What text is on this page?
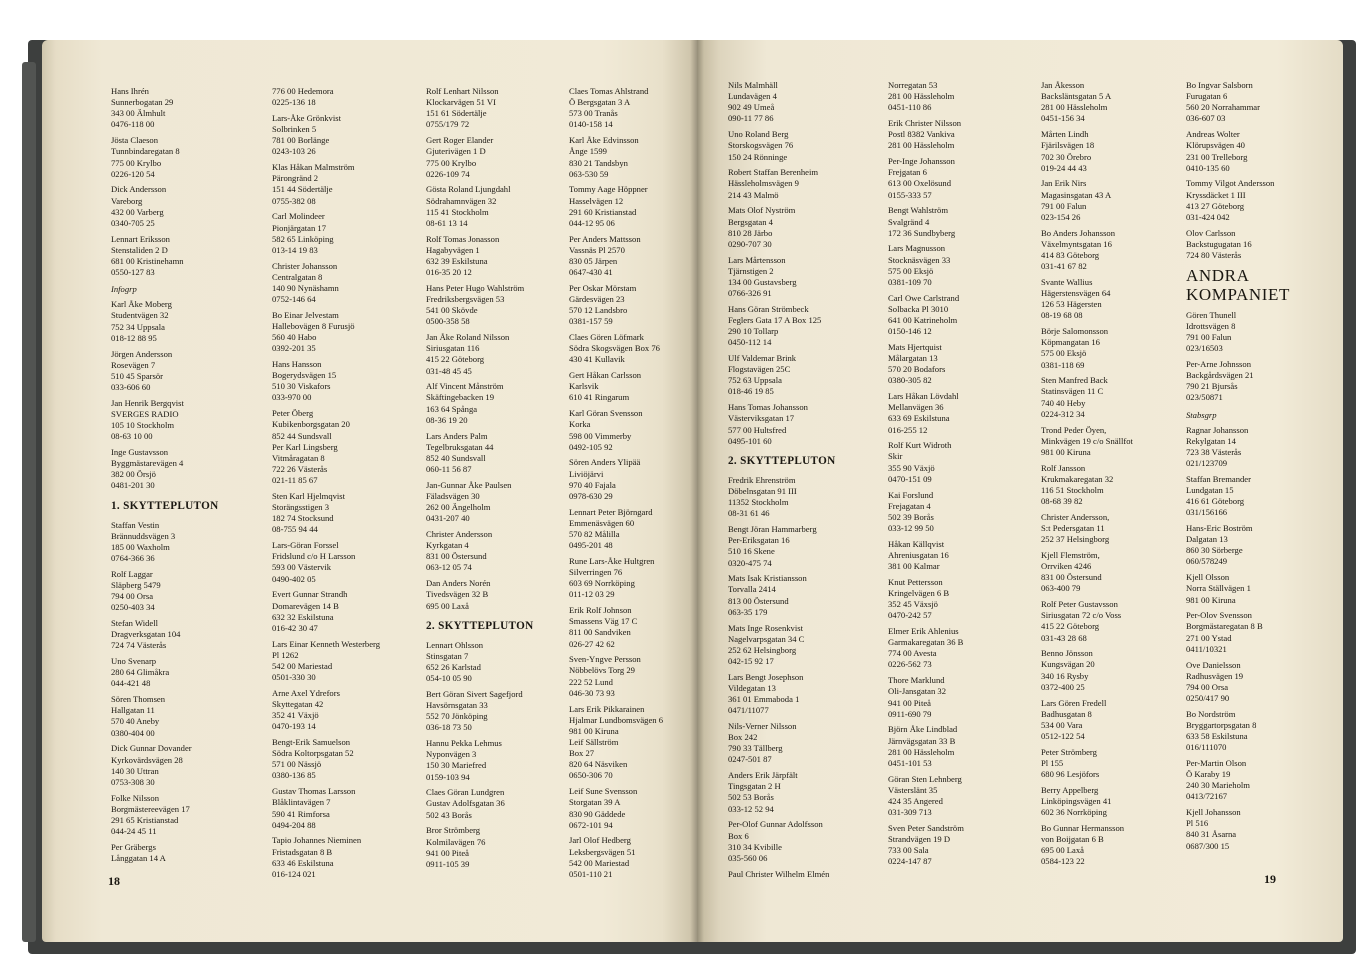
Hans Ihrén
Sunnerbogatan 29
343 00 Älmhult
0476-118 00
Jösta Claeson
Tunnbindaregatan 8
775 00 Krylbo
0226-120 54
Dick Andersson
Vareborg
432 00 Varberg
0340-705 25
Lennart Eriksson
Stenstaliden 2 D
681 00 Kristinehamn
0550-127 83
Infogrp
Karl Åke Moberg
Studentvägen 32
752 34 Uppsala
018-12 88 95
Jörgen Andersson
Rosevägen 7
510 45 Sparsör
033-606 60
Jan Henrik Bergqvist
SVERGES RADIO
105 10 Stockholm
08-63 10 00
Inge Gustavsson
Byggmästarevägen 4
382 00 Örsjö
0481-201 30
1. SKYTTEPLUTON
Staffan Vestin
Brännuddsvägen 3
185 00 Waxholm
0764-366 36
Rolf Laggar
Släpberg 5479
794 00 Orsa
0250-403 34
Stefan Widell
Dragverksgatan 104
724 74 Västerås
Uno Svenarp
280 64 Glimåkra
044-421 48
Sören Thomsen
Hallgatan 11
570 40 Aneby
0380-404 00
Dick Gunnar Dovander
Kyrkovärdsvägen 28
140 30 Uttran
0753-308 30
Folke Nilsson
Borgmästereevägen 17
291 65 Kristianstad
044-24 45 11
Per Gräbergs
Långgatan 14 A
776 00 Hedemora
0225-136 18
Lars-Åke Grönkvist
Solbrinken 5
781 00 Borlänge
0243-103 26
Klas Håkan Malmström
Pärongränd 2
151 44 Södertälje
0755-382 08
Carl Molindeer
Pionjärgatan 17
582 65 Linköping
013-14 19 83
Christer Johansson
Centralgatan 8
140 90 Nynäshamn
0752-146 64
Bo Einar Jelvestam
Hallebovägen 8 Furusjö
560 40 Habo
0392-201 35
Hans Hansson
Bogerydsvägen 15
510 30 Viskafors
033-970 00
Peter Öberg
Kubikenborgsgatan 20
852 44 Sundsvall
Per Karl Lingsberg
Vitmåragatan 8
722 26 Västerås
021-11 85 67
Sten Karl Hjelmqvist
Storängsstigen 3
182 74 Stocksund
08-755 94 44
Lars-Göran Forssel
Fridslund c/o H Larsson
593 00 Västervik
0490-402 05
Evert Gunnar Strandh
Domarevägen 14 B
632 32 Eskilstuna
016-42 30 47
Lars Einar Kenneth Westerberg
Pl 1262
542 00 Mariestad
0501-330 30
Arne Axel Ydrefors
Skyttegatan 42
352 41 Växjö
0470-193 14
Bengt-Erik Samuelson
Södra Koltorpsgatan 52
571 00 Nässjö
0380-136 85
Gustav Thomas Larsson
Blåklintavägen 7
590 41 Rimforsa
0494-204 88
Tapio Johannes Nieminen
Fristadsgatan 8 B
633 46 Eskilstuna
016-124 021
Rolf Lenhart Nilsson
Klockarvägen 51 VI
151 61 Södertälje
0755/179 72
Gert Roger Elander
Gjuterivägen 1 D
775 00 Krylbo
0226-109 74
Gösta Roland Ljungdahl
Södrahamnvägen 32
115 41 Stockholm
08-61 13 14
Rolf Tomas Jonasson
Hagabyvägen 1
632 39 Eskilstuna
016-35 20 12
Hans Peter Hugo Wahlström
Fredriksbergsvägen 53
541 00 Skövde
0500-358 58
Jan Åke Roland Nilsson
Siriusgatan 116
415 22 Göteborg
031-48 45 45
Alf Vincent Månström
Skäftingebacken 19
163 64 Spånga
08-36 19 20
Lars Anders Palm
Tegelbruksgatan 44
852 40 Sundsvall
060-11 56 87
Jan-Gunnar Åke Paulsen
Fäladsvägen 30
262 00 Ängelholm
0431-207 40
Christer Andersson
Kyrkgatan 4
831 00 Östersund
063-12 05 74
Dan Anders Norén
Tivedsvägen 32 B
695 00 Laxå
2. SKYTTEPLUTON
Lennart Ohlsson
Stinsgatan 7
652 26 Karlstad
054-10 05 90
Bert Göran Sivert Sagefjord
Havsörnsgatan 33
552 70 Jönköping
036-18 73 50
Hannu Pekka Lehmus
Nyponvägen 3
150 30 Mariefred
0159-103 94
Claes Göran Lundgren
Gustav Adolfsgatan 36
502 43 Borås
Bror Strömberg
Kolmilavägen 76
941 00 Piteå
0911-105 39
Claes Tomas Ahlstrand
Ö Bergsgatan 3 A
573 00 Tranås
0140-158 14
Karl Åke Edvinsson
Ånge 1599
830 21 Tandsbyn
063-530 59
Tommy Aage Höppner
Hasselvägen 12
291 60 Kristianstad
044-12 95 06
Per Anders Mattsson
Vassnäs Pl 2570
830 05 Järpen
0647-430 41
Per Oskar Mörstam
Gärdesvägen 23
570 12 Landsbro
0381-157 59
Claes Gören Löfmark
Södra Skogsvägen Box 76
430 41 Kullavik
Gert Håkan Carlsson
Karlsvik
610 41 Ringarum
Karl Göran Svensson
Korka
598 00 Vimmerby
0492-105 92
Sören Anders Ylipää
Liviöjärvi
970 40 Fajala
0978-630 29
Lennart Peter Björngard
Emmenäsvägen 60
570 82 Målilla
0495-201 48
Rune Lars-Åke Hultgren
Silverringen 76
603 69 Norrköping
011-12 03 29
Erik Rolf Johnson
Smassens Väg 17 C
811 00 Sandviken
026-27 42 62
Sven-Yngve Persson
Nöbbelövs Torg 29
222 52 Lund
046-30 73 93
Lars Erik Pikkarainen
Hjalmar Lundbomsvägen 6
981 00 Kiruna
Leif Sällström
Box 27
820 64 Näsviken
0650-306 70
Leif Sune Svensson
Storgatan 39 A
830 90 Gäddede
0672-101 94
Jarl Olof Hedberg
Leksbergsvägen 51
542 00 Mariestad
0501-110 21
18
Nils Malmhäll
Lundavägen 4
902 49 Umeå
090-11 77 86
Uno Roland Berg
Storskogsvägen 76
150 24 Rönninge
Robert Staffan Berenheim
Hässleholmsvägen 9
214 43 Malmö
Mats Olof Nyström
Bergsgatan 4
810 28 Järbo
0290-707 30
Lars Mårtensson
Tjärnstigen 2
134 00 Gustavsberg
0766-326 91
Hans Göran Strömbeck
Feglers Gata 17 A Box 125
290 10 Tollarp
0450-112 14
Ulf Valdemar Brink
Flogstavägen 25C
752 63 Uppsala
018-46 19 85
Hans Tomas Johansson
Västerviksgatan 17
577 00 Hultsfred
0495-101 60
2. SKYTTEPLUTON
Fredrik Ehrenström
Döbelnsgatan 91 III
11352 Stockholm
08-31 61 46
Bengt Jöran Hammarberg
Per-Eriksgatan 16
510 16 Skene
0320-475 74
Mats Isak Kristiansson
Torvalla 2414
813 00 Östersund
063-35 179
Mats Inge Rosenkvist
Nagelvarpsgatan 34 C
252 62 Helsingborg
042-15 92 17
Lars Bengt Josephson
Vildegatan 13
361 01 Emmaboda 1
0471/11077
Nils-Verner Nilsson
Box 242
790 33 Tällberg
0247-501 87
Anders Erik Järpfält
Tingsgatan 2 H
502 53 Borås
033-12 52 94
Per-Olof Gunnar Adolfsson
Box 6
310 34 Kvibille
035-560 06
Paul Christer Wilhelm Elmén
Norregatan 53
281 00 Hässleholm
0451-110 86
Erik Christer Nilsson
Postl 8382 Vankiva
281 00 Hässleholm
Per-Inge Johansson
Frejgatan 6
613 00 Oxelösund
0155-333 57
Bengt Wahlström
Svalgränd 4
172 36 Sundbyberg
Lars Magnusson
Stocknäsvägen 33
575 00 Eksjö
0381-109 70
Carl Owe Carlstrand
Solbacka Pl 3010
641 00 Katrineholm
0150-146 12
Mats Hjertquist
Målargatan 13
570 20 Bodafors
0380-305 82
Lars Håkan Lövdahl
Mellanvägen 36
633 69 Eskilstuna
016-255 12
Rolf Kurt Widroth
Skir
355 90 Växjö
0470-151 09
Kai Forslund
Frejagatan 4
502 39 Borås
033-12 99 50
Håkan Källqvist
Ahreniusgatan 16
381 00 Kalmar
Knut Pettersson
Kringelvägen 6 B
352 45 Växsjö
0470-242 57
Elmer Erik Ahlenius
Garmakaregatan 36 B
774 00 Avesta
0226-562 73
Thore Marklund
Oli-Jansgatan 32
941 00 Piteå
0911-690 79
Björn Åke Lindblad
Järnvägsgatan 33 B
281 00 Hässleholm
0451-101 53
Göran Sten Lehnberg
Västerslänt 35
424 35 Angered
031-309 713
Sven Peter Sandström
Strandvägen 19 D
733 00 Sala
0224-147 87
Jan Åkesson
Backsläntsgatan 5 A
281 00 Hässleholm
0451-156 34
Mårten Lindh
Fjärilsvägen 18
702 30 Örebro
019-24 44 43
Jan Erik Nirs
Magasinsgatan 43 A
791 00 Falun
023-154 26
Bo Anders Johansson
Växelmyntsgatan 16
414 83 Göteborg
031-41 67 82
Svante Wallius
Hägerstensvägen 64
126 53 Hägersten
08-19 68 08
Börje Salomonsson
Köpmangatan 16
575 00 Eksjö
0381-118 69
Sten Manfred Back
Statinsvägen 11 C
740 40 Heby
0224-312 34
Trond Peder Öyen,
Minkvägen 19 c/o Snällfot
981 00 Kiruna
Rolf Jansson
Krukmakaregatan 32
116 51 Stockholm
08-68 39 82
Christer Andersson,
S:t Pedersgatan 11
252 37 Helsingborg
Kjell Flemström,
Orrviken 4246
831 00 Östersund
063-400 79
Rolf Peter Gustavsson
Siriusgatan 72 c/o Voss
415 22 Göteborg
031-43 28 68
Benno Jönsson
Kungsvägan 20
340 16 Rysby
0372-400 25
Lars Gören Fredell
Badhusgatan 8
534 00 Vara
0512-122 54
Peter Strömberg
Pl 155
680 96 Lesjöfors
Berry Appelberg
Linköpingsvägen 41
602 36 Norrköping
Bo Gunnar Hermansson
von Boijgatan 6 B
695 00 Laxå
0584-123 22
Bo Ingvar Salsborn
Furugatan 6
560 20 Norrahammar
036-607 03
Andreas Wolter
Klörupsvägen 40
231 00 Trelleborg
0410-135 60
Tommy Vilgot Andersson
Kryssdäcket 1 III
413 27 Göteborg
031-424 042
Olov Carlsson
Backstugugatan 16
724 80 Västerås
ANDRA
KOMPANIET
Gören Thunell
Idrottsvägen 8
791 00 Falun
023/16503
Per-Arne Johnsson
Backgårdsvägen 21
790 21 Bjursås
023/50871
Stabsgrp
Ragnar Johansson
Rekylgatan 14
723 38 Västerås
021/123709
Staffan Bremander
Lundgatan 15
416 61 Göteborg
031/156166
Hans-Eric Boström
Dalgatan 13
860 30 Sörberge
060/578249
Kjell Olsson
Norra Ställvägen 1
981 00 Kiruna
Per-Olov Svensson
Borgmästaregatan 8 B
271 00 Ystad
0411/10321
Ove Danielsson
Radhusvägen 19
794 00 Orsa
0250/417 90
Bo Nordström
Bryggartorpsgatan 8
633 58 Eskilstuna
016/111070
Per-Martin Olson
Ö Karaby 19
240 30 Marieholm
0413/72167
Kjell Johansson
Pl 516
840 31 Åsarna
0687/300 15
19
